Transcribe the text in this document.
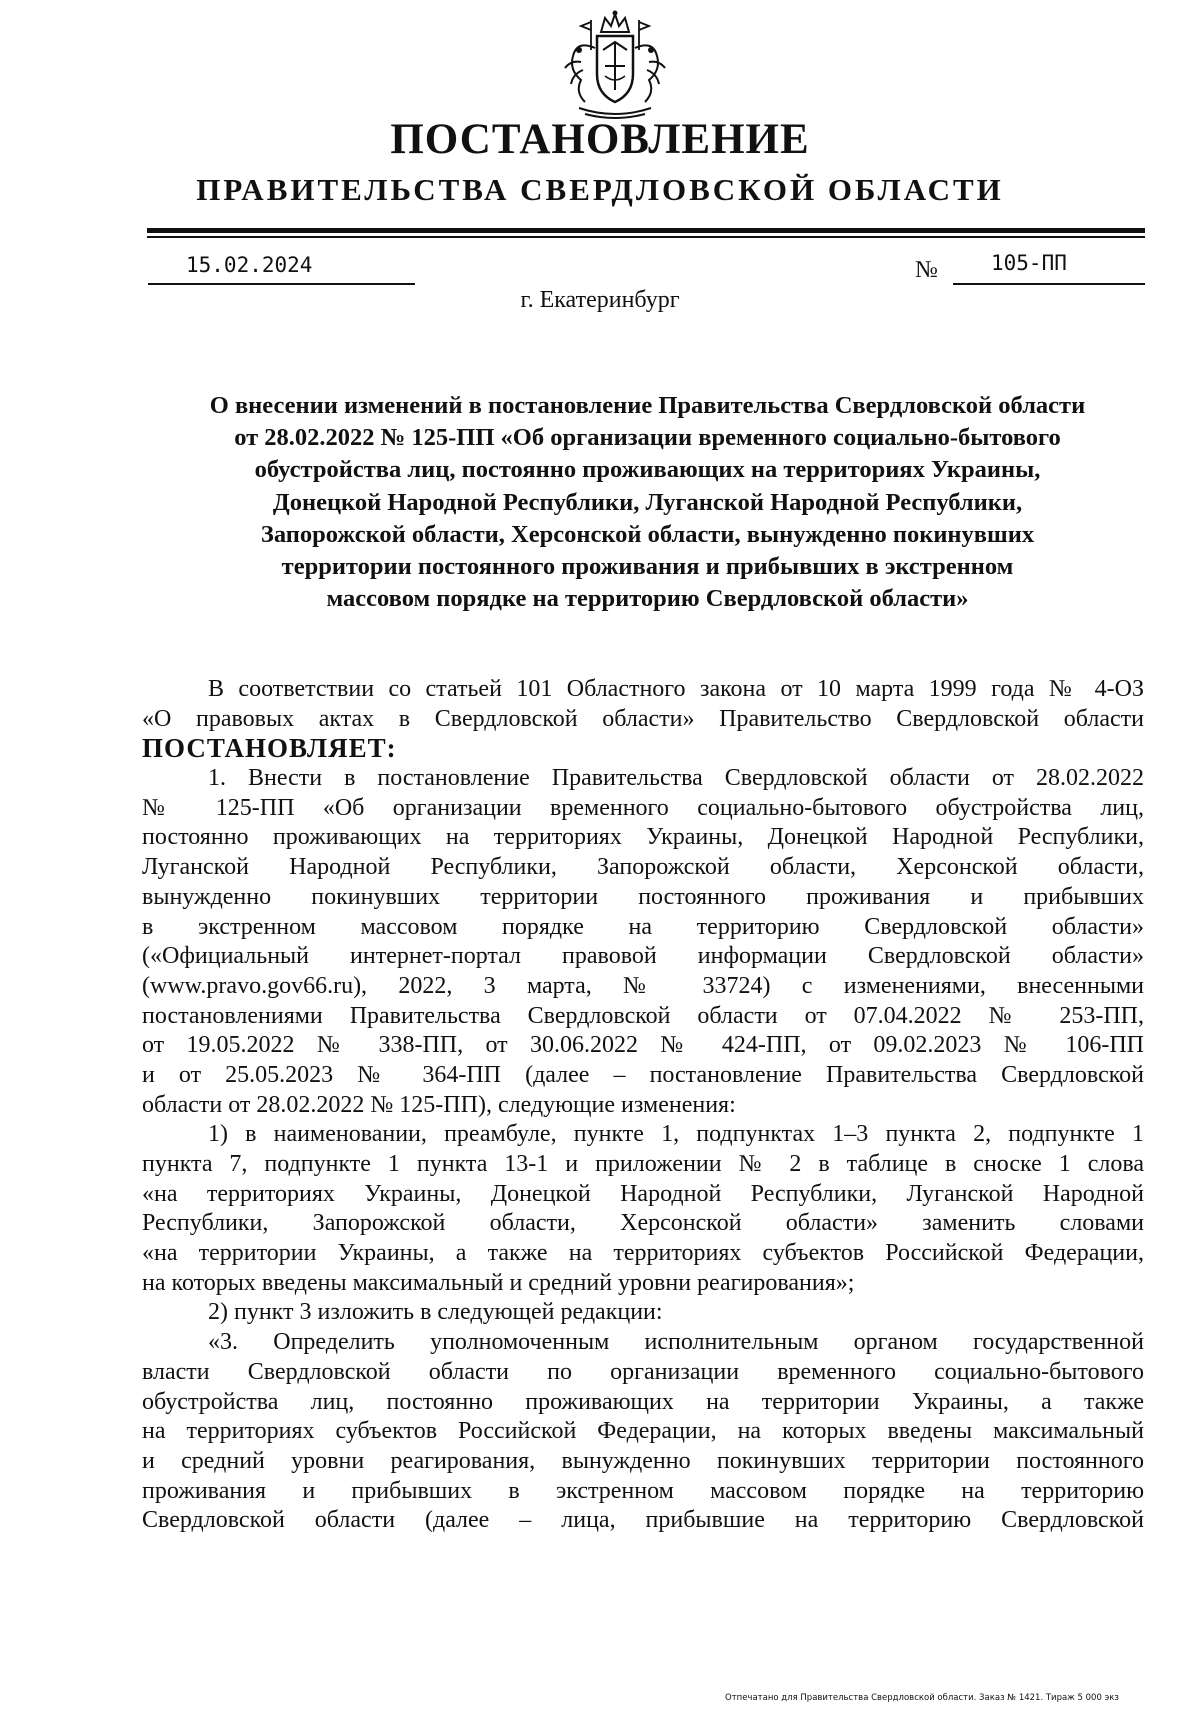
ПОСТАНОВЛЕНИЕ
ПРАВИТЕЛЬСТВА СВЕРДЛОВСКОЙ ОБЛАСТИ
15.02.2024	№	105-ПП
г. Екатеринбург
О внесении изменений в постановление Правительства Свердловской области
от 28.02.2022 № 125-ПП «Об организации временного социально-бытового
обустройства лиц, постоянно проживающих на территориях Украины,
Донецкой Народной Республики, Луганской Народной Республики,
Запорожской области, Херсонской области, вынужденно покинувших
территории постоянного проживания и прибывших в экстренном
массовом порядке на территорию Свердловской области»
В соответствии со статьей 101 Областного закона от 10 марта 1999 года № 4-ОЗ
«О правовых актах в Свердловской области» Правительство Свердловской области
ПОСТАНОВЛЯЕТ:
1. Внести в постановление Правительства Свердловской области от 28.02.2022
№ 125-ПП «Об организации временного социально-бытового обустройства лиц,
постоянно проживающих на территориях Украины, Донецкой Народной Республики,
Луганской Народной Республики, Запорожской области, Херсонской области,
вынужденно покинувших территории постоянного проживания и прибывших
в экстренном массовом порядке на территорию Свердловской области»
(«Официальный интернет-портал правовой информации Свердловской области»
(www.pravo.gov66.ru), 2022, 3 марта, № 33724) с изменениями, внесенными
постановлениями Правительства Свердловской области от 07.04.2022 № 253-ПП,
от 19.05.2022 № 338-ПП, от 30.06.2022 № 424-ПП, от 09.02.2023 № 106-ПП
и от 25.05.2023 № 364-ПП (далее – постановление Правительства Свердловской
области от 28.02.2022 № 125-ПП), следующие изменения:
1) в наименовании, преамбуле, пункте 1, подпунктах 1–3 пункта 2, подпункте 1
пункта 7, подпункте 1 пункта 13-1 и приложении № 2 в таблице в сноске 1 слова
«на территориях Украины, Донецкой Народной Республики, Луганской Народной
Республики, Запорожской области, Херсонской области» заменить словами
«на территории Украины, а также на территориях субъектов Российской Федерации,
на которых введены максимальный и средний уровни реагирования»;
2) пункт 3 изложить в следующей редакции:
«3. Определить уполномоченным исполнительным органом государственной
власти Свердловской области по организации временного социально-бытового
обустройства лиц, постоянно проживающих на территории Украины, а также
на территориях субъектов Российской Федерации, на которых введены максимальный
и средний уровни реагирования, вынужденно покинувших территории постоянного
проживания и прибывших в экстренном массовом порядке на территорию
Свердловской области (далее – лица, прибывшие на территорию Свердловской
Отпечатано для Правительства Свердловской области. Заказ № 1421. Тираж 5 000 экз
